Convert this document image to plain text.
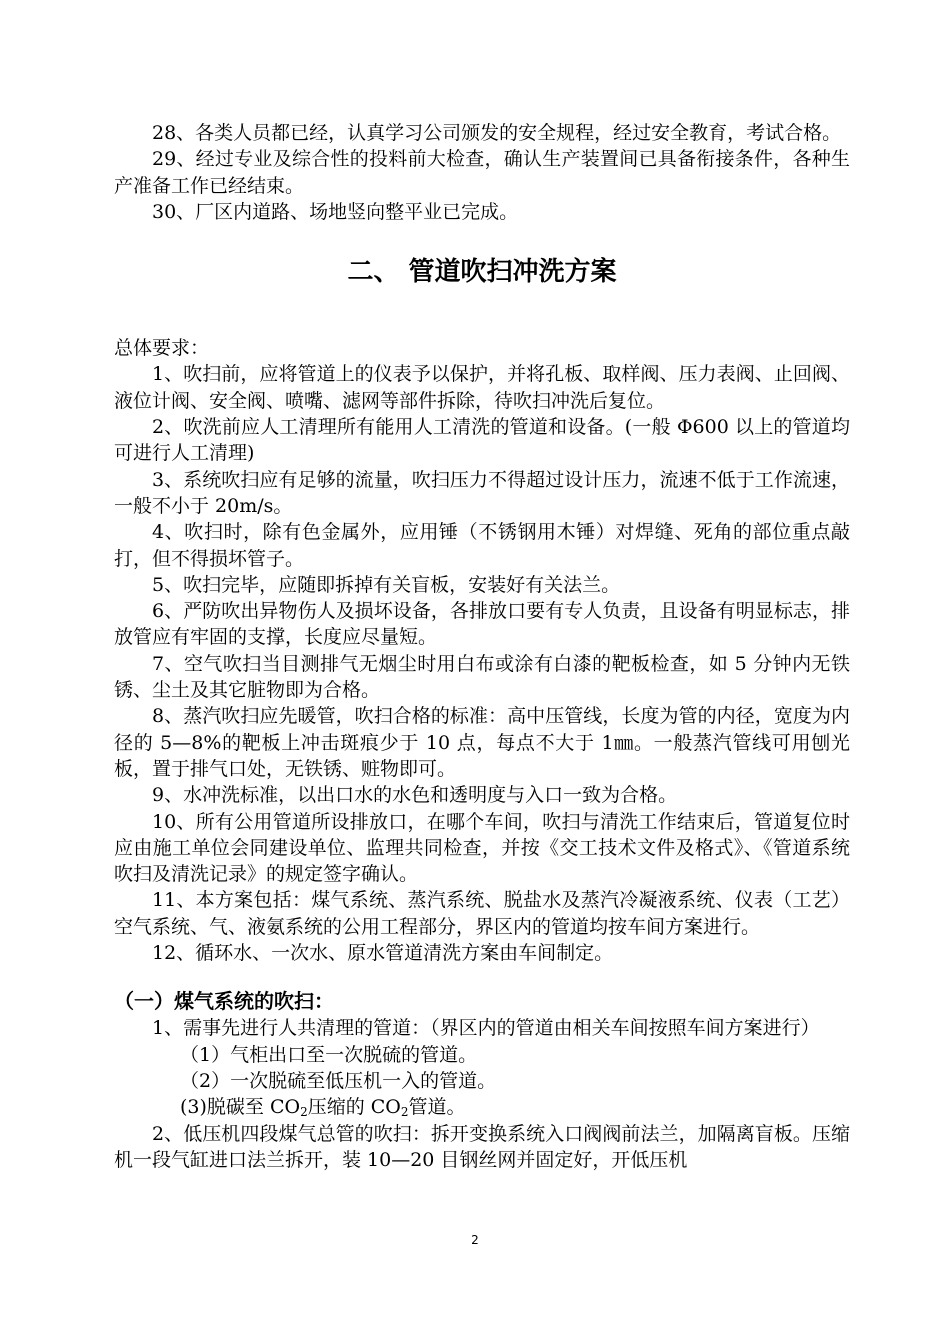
28、各类人员都已经，认真学习公司颁发的安全规程，经过安全教育，考试合格。

29、经过专业及综合性的投料前大检查，确认生产装置间已具备衔接条件，各种生产准备工作已经结束。

30、厂区内道路、场地竖向整平业已完成。

二、 管道吹扫冲洗方案

总体要求：

1、吹扫前，应将管道上的仪表予以保护，并将孔板、取样阀、压力表阀、止回阀、液位计阀、安全阀、喷嘴、滤网等部件拆除，待吹扫冲洗后复位。

2、吹洗前应人工清理所有能用人工清洗的管道和设备。(一般 Φ600 以上的管道均可进行人工清理)

3、系统吹扫应有足够的流量，吹扫压力不得超过设计压力，流速不低于工作流速，一般不小于 20m/s。

4、吹扫时，除有色金属外，应用锤（不锈钢用木锤）对焊缝、死角的部位重点敲打，但不得损坏管子。

5、吹扫完毕，应随即拆掉有关盲板，安装好有关法兰。

6、严防吹出异物伤人及损坏设备，各排放口要有专人负责，且设备有明显标志，排放管应有牢固的支撑，长度应尽量短。

7、空气吹扫当目测排气无烟尘时用白布或涂有白漆的靶板检查，如 5 分钟内无铁锈、尘土及其它脏物即为合格。

8、蒸汽吹扫应先暖管，吹扫合格的标准：高中压管线，长度为管的内径，宽度为内径的 5—8%的靶板上冲击斑痕少于 10 点，每点不大于 1㎜。一般蒸汽管线可用刨光板，置于排气口处，无铁锈、赃物即可。

9、水冲洗标准，以出口水的水色和透明度与入口一致为合格。

10、所有公用管道所设排放口，在哪个车间，吹扫与清洗工作结束后，管道复位时应由施工单位会同建设单位、监理共同检查，并按《交工技术文件及格式》、《管道系统吹扫及清洗记录》的规定签字确认。

11、本方案包括：煤气系统、蒸汽系统、脱盐水及蒸汽冷凝液系统、仪表（工艺）空气系统、气、液氨系统的公用工程部分，界区内的管道均按车间方案进行。

12、循环水、一次水、原水管道清洗方案由车间制定。

（一）煤气系统的吹扫：

1、需事先进行人共清理的管道：（界区内的管道由相关车间按照车间方案进行）

（1）气柜出口至一次脱硫的管道。

（2）一次脱硫至低压机一入的管道。

(3)脱碳至 $CO_2$压缩的 $CO_2$管道。

2、低压机四段煤气总管的吹扫：拆开变换系统入口阀阀前法兰，加隔离盲板。压缩机一段气缸进口法兰拆开，装 10—20 目钢丝网并固定好，开低压机

2
